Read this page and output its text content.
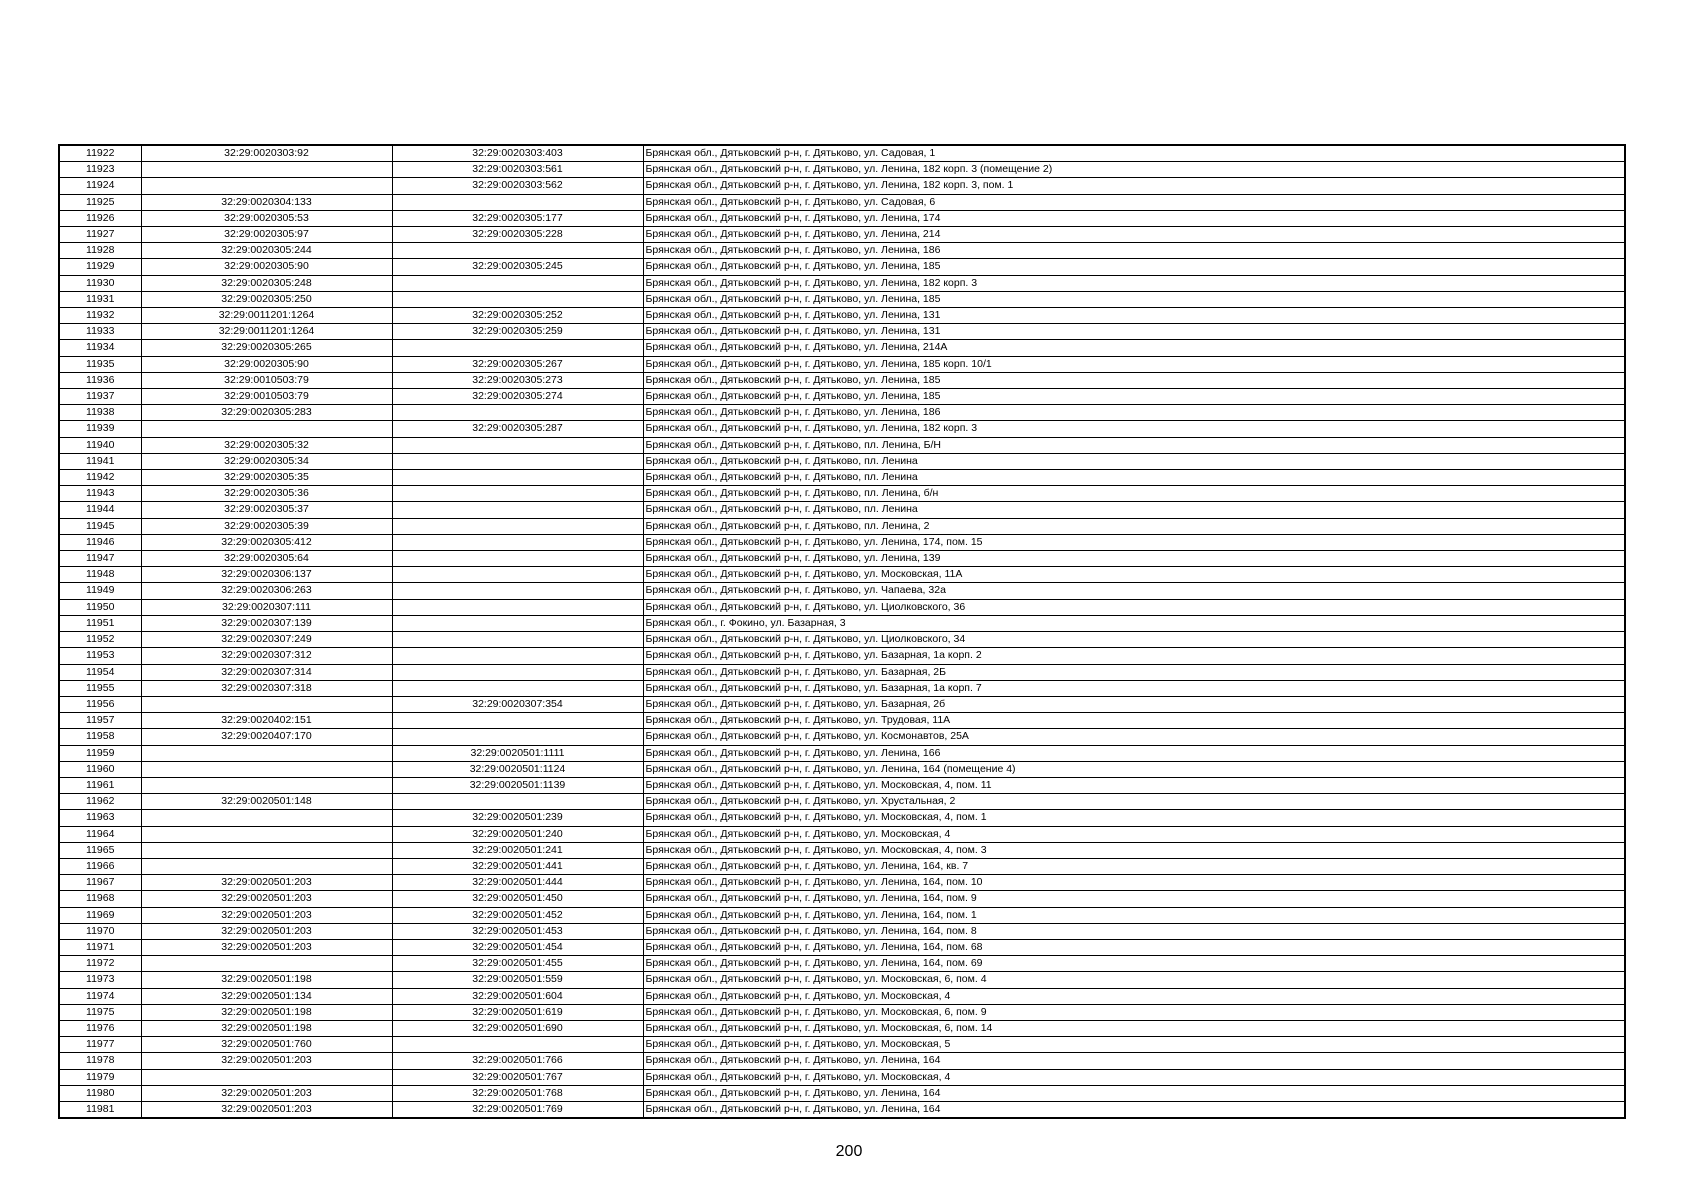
11922	32:29:0020303:92	32:29:0020303:403	Брянская обл., Дятьковский р-н, г. Дятьково, ул. Садовая, 1
11923		32:29:0020303:561	Брянская обл., Дятьковский р-н, г. Дятьково, ул. Ленина, 182 корп. 3 (помещение 2)
11924		32:29:0020303:562	Брянская обл., Дятьковский р-н, г. Дятьково, ул. Ленина, 182 корп. 3, пом. 1
11925	32:29:0020304:133		Брянская обл., Дятьковский р-н, г. Дятьково, ул. Садовая, 6
11926	32:29:0020305:53	32:29:0020305:177	Брянская обл., Дятьковский р-н, г. Дятьково, ул. Ленина, 174
11927	32:29:0020305:97	32:29:0020305:228	Брянская обл., Дятьковский р-н, г. Дятьково, ул. Ленина, 214
11928	32:29:0020305:244		Брянская обл., Дятьковский р-н, г. Дятьково, ул. Ленина, 186
11929	32:29:0020305:90	32:29:0020305:245	Брянская обл., Дятьковский р-н, г. Дятьково, ул. Ленина, 185
11930	32:29:0020305:248		Брянская обл., Дятьковский р-н, г. Дятьково, ул. Ленина, 182 корп. 3
11931	32:29:0020305:250		Брянская обл., Дятьковский р-н, г. Дятьково, ул. Ленина, 185
11932	32:29:0011201:1264	32:29:0020305:252	Брянская обл., Дятьковский р-н, г. Дятьково, ул. Ленина, 131
11933	32:29:0011201:1264	32:29:0020305:259	Брянская обл., Дятьковский р-н, г. Дятьково, ул. Ленина, 131
11934	32:29:0020305:265		Брянская обл., Дятьковский р-н, г. Дятьково, ул. Ленина, 214А
11935	32:29:0020305:90	32:29:0020305:267	Брянская обл., Дятьковский р-н, г. Дятьково, ул. Ленина, 185 корп. 10/1
11936	32:29:0010503:79	32:29:0020305:273	Брянская обл., Дятьковский р-н, г. Дятьково, ул. Ленина, 185
11937	32:29:0010503:79	32:29:0020305:274	Брянская обл., Дятьковский р-н, г. Дятьково, ул. Ленина, 185
11938	32:29:0020305:283		Брянская обл., Дятьковский р-н, г. Дятьково, ул. Ленина, 186
11939		32:29:0020305:287	Брянская обл., Дятьковский р-н, г. Дятьково, ул. Ленина, 182 корп. 3
11940	32:29:0020305:32		Брянская обл., Дятьковский р-н, г. Дятьково, пл. Ленина, Б/Н
11941	32:29:0020305:34		Брянская обл., Дятьковский р-н, г. Дятьково, пл. Ленина
11942	32:29:0020305:35		Брянская обл., Дятьковский р-н, г. Дятьково, пл. Ленина
11943	32:29:0020305:36		Брянская обл., Дятьковский р-н, г. Дятьково, пл. Ленина, б/н
11944	32:29:0020305:37		Брянская обл., Дятьковский р-н, г. Дятьково, пл. Ленина
11945	32:29:0020305:39		Брянская обл., Дятьковский р-н, г. Дятьково, пл. Ленина, 2
11946	32:29:0020305:412		Брянская обл., Дятьковский р-н, г. Дятьково, ул. Ленина, 174, пом. 15
11947	32:29:0020305:64		Брянская обл., Дятьковский р-н, г. Дятьково, ул. Ленина, 139
11948	32:29:0020306:137		Брянская обл., Дятьковский р-н, г. Дятьково, ул. Московская, 11А
11949	32:29:0020306:263		Брянская обл., Дятьковский р-н, г. Дятьково, ул. Чапаева, 32а
11950	32:29:0020307:111		Брянская обл., Дятьковский р-н, г. Дятьково, ул. Циолковского, 36
11951	32:29:0020307:139		Брянская обл., г. Фокино, ул. Базарная, 3
11952	32:29:0020307:249		Брянская обл., Дятьковский р-н, г. Дятьково, ул. Циолковского, 34
11953	32:29:0020307:312		Брянская обл., Дятьковский р-н, г. Дятьково, ул. Базарная, 1а корп. 2
11954	32:29:0020307:314		Брянская обл., Дятьковский р-н, г. Дятьково, ул. Базарная, 2Б
11955	32:29:0020307:318		Брянская обл., Дятьковский р-н, г. Дятьково, ул. Базарная, 1а корп. 7
11956		32:29:0020307:354	Брянская обл., Дятьковский р-н, г. Дятьково, ул. Базарная, 2б
11957	32:29:0020402:151		Брянская обл., Дятьковский р-н, г. Дятьково, ул. Трудовая, 11А
11958	32:29:0020407:170		Брянская обл., Дятьковский р-н, г. Дятьково, ул. Космонавтов, 25А
11959		32:29:0020501:1111	Брянская обл., Дятьковский р-н, г. Дятьково, ул. Ленина, 166
11960		32:29:0020501:1124	Брянская обл., Дятьковский р-н, г. Дятьково, ул. Ленина, 164 (помещение 4)
11961		32:29:0020501:1139	Брянская обл., Дятьковский р-н, г. Дятьково, ул. Московская, 4, пом. 11
11962	32:29:0020501:148		Брянская обл., Дятьковский р-н, г. Дятьково, ул. Хрустальная, 2
11963		32:29:0020501:239	Брянская обл., Дятьковский р-н, г. Дятьково, ул. Московская, 4, пом. 1
11964		32:29:0020501:240	Брянская обл., Дятьковский р-н, г. Дятьково, ул. Московская, 4
11965		32:29:0020501:241	Брянская обл., Дятьковский р-н, г. Дятьково, ул. Московская, 4, пом. 3
11966		32:29:0020501:441	Брянская обл., Дятьковский р-н, г. Дятьково, ул. Ленина, 164, кв. 7
11967	32:29:0020501:203	32:29:0020501:444	Брянская обл., Дятьковский р-н, г. Дятьково, ул. Ленина, 164, пом. 10
11968	32:29:0020501:203	32:29:0020501:450	Брянская обл., Дятьковский р-н, г. Дятьково, ул. Ленина, 164, пом. 9
11969	32:29:0020501:203	32:29:0020501:452	Брянская обл., Дятьковский р-н, г. Дятьково, ул. Ленина, 164, пом. 1
11970	32:29:0020501:203	32:29:0020501:453	Брянская обл., Дятьковский р-н, г. Дятьково, ул. Ленина, 164, пом. 8
11971	32:29:0020501:203	32:29:0020501:454	Брянская обл., Дятьковский р-н, г. Дятьково, ул. Ленина, 164, пом. 68
11972		32:29:0020501:455	Брянская обл., Дятьковский р-н, г. Дятьково, ул. Ленина, 164, пом. 69
11973	32:29:0020501:198	32:29:0020501:559	Брянская обл., Дятьковский р-н, г. Дятьково, ул. Московская, 6, пом. 4
11974	32:29:0020501:134	32:29:0020501:604	Брянская обл., Дятьковский р-н, г. Дятьково, ул. Московская, 4
11975	32:29:0020501:198	32:29:0020501:619	Брянская обл., Дятьковский р-н, г. Дятьково, ул. Московская, 6, пом. 9
11976	32:29:0020501:198	32:29:0020501:690	Брянская обл., Дятьковский р-н, г. Дятьково, ул. Московская, 6, пом. 14
11977	32:29:0020501:760		Брянская обл., Дятьковский р-н, г. Дятьково, ул. Московская, 5
11978	32:29:0020501:203	32:29:0020501:766	Брянская обл., Дятьковский р-н, г. Дятьково, ул. Ленина, 164
11979		32:29:0020501:767	Брянская обл., Дятьковский р-н, г. Дятьково, ул. Московская, 4
11980	32:29:0020501:203	32:29:0020501:768	Брянская обл., Дятьковский р-н, г. Дятьково, ул. Ленина, 164
11981	32:29:0020501:203	32:29:0020501:769	Брянская обл., Дятьковский р-н, г. Дятьково, ул. Ленина, 164
200
